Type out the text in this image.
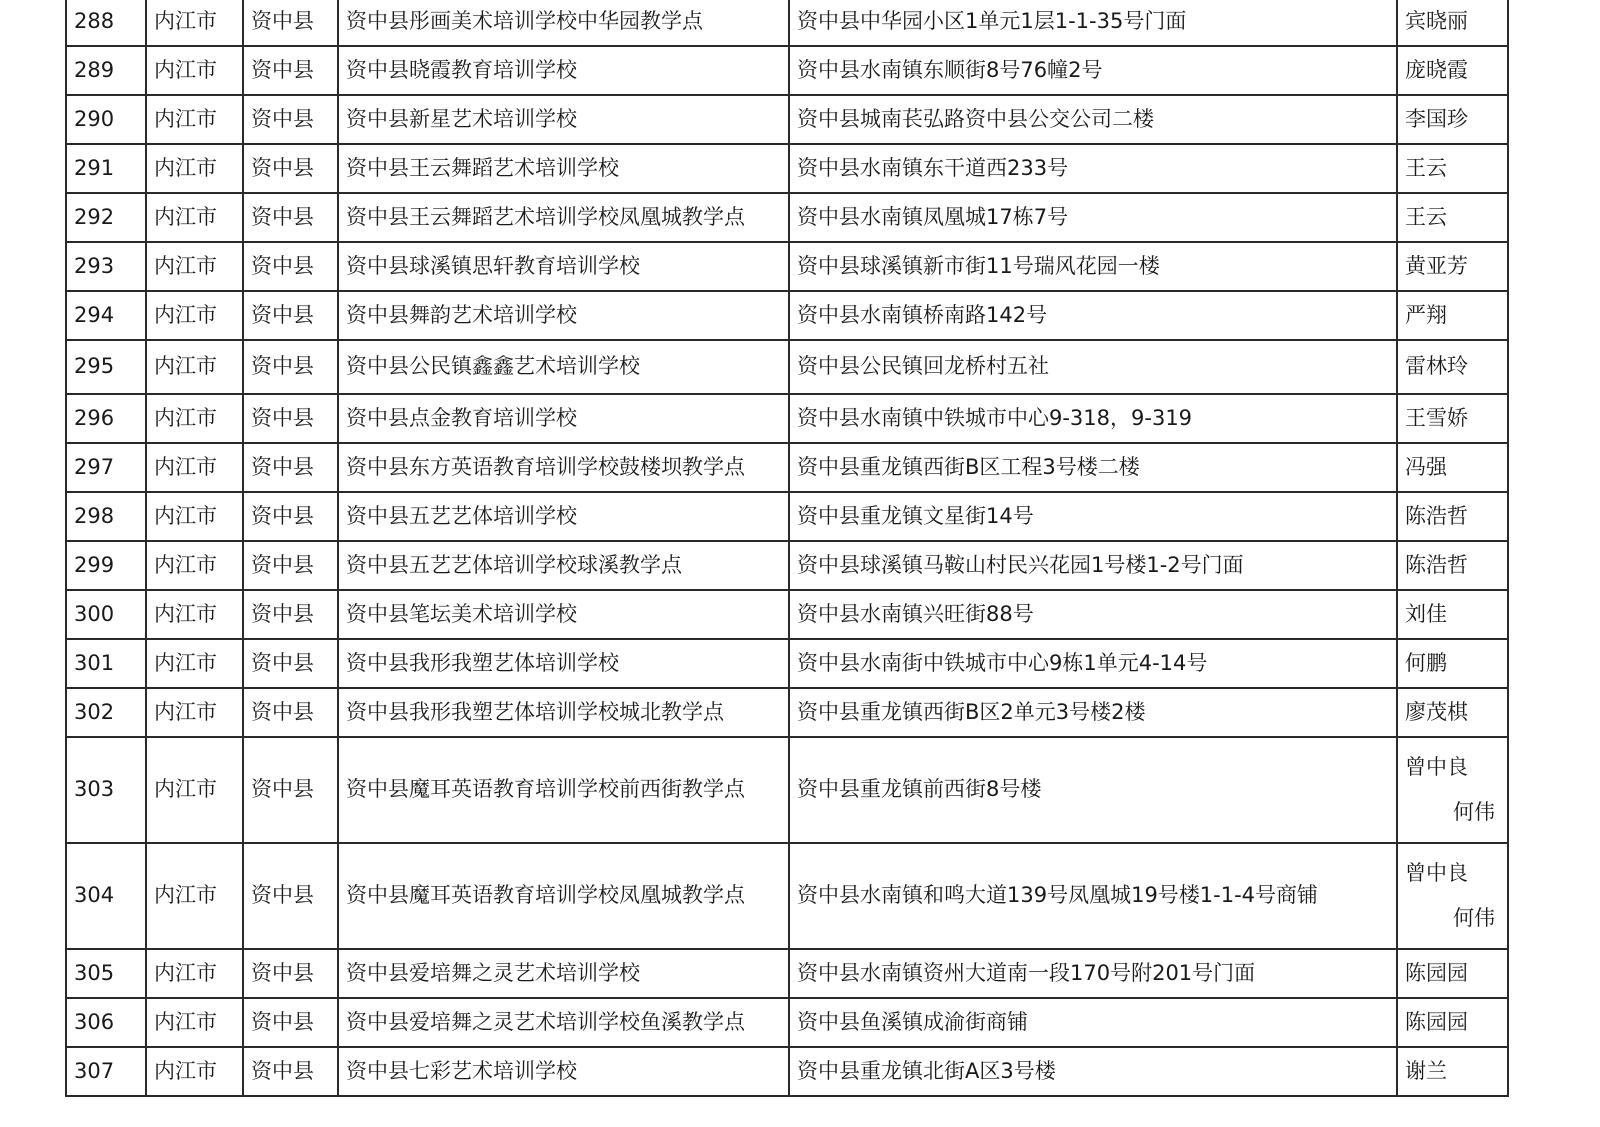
288	内江市	资中县	资中县彤画美术培训学校中华园教学点	资中县中华园小区1单元1层1-1-35号门面	宾晓丽

289	内江市	资中县	资中县晓霞教育培训学校	资中县水南镇东顺街8号76幢2号	庞晓霞

290	内江市	资中县	资中县新星艺术培训学校	资中县城南苌弘路资中县公交公司二楼	李国珍

291	内江市	资中县	资中县王云舞蹈艺术培训学校	资中县水南镇东干道西233号	王云

292	内江市	资中县	资中县王云舞蹈艺术培训学校凤凰城教学点	资中县水南镇凤凰城17栋7号	王云

293	内江市	资中县	资中县球溪镇思轩教育培训学校	资中县球溪镇新市街11号瑞风花园一楼	黄亚芳

294	内江市	资中县	资中县舞韵艺术培训学校	资中县水南镇桥南路142号	严翔

295	内江市	资中县	资中县公民镇鑫鑫艺术培训学校	资中县公民镇回龙桥村五社	雷林玲

296	内江市	资中县	资中县点金教育培训学校	资中县水南镇中铁城市中心9-318，9-319	王雪娇

297	内江市	资中县	资中县东方英语教育培训学校鼓楼坝教学点	资中县重龙镇西街B区工程3号楼二楼	冯强

298	内江市	资中县	资中县五艺艺体培训学校	资中县重龙镇文星街14号	陈浩哲

299	内江市	资中县	资中县五艺艺体培训学校球溪教学点	资中县球溪镇马鞍山村民兴花园1号楼1-2号门面	陈浩哲

300	内江市	资中县	资中县笔坛美术培训学校	资中县水南镇兴旺街88号	刘佳

301	内江市	资中县	资中县我形我塑艺体培训学校	资中县水南街中铁城市中心9栋1单元4-14号	何鹏

302	内江市	资中县	资中县我形我塑艺体培训学校城北教学点	资中县重龙镇西街B区2单元3号楼2楼	廖茂棋

303	内江市	资中县	资中县魔耳英语教育培训学校前西街教学点	资中县重龙镇前西街8号楼	曾中良
何伟

304	内江市	资中县	资中县魔耳英语教育培训学校凤凰城教学点	资中县水南镇和鸣大道139号凤凰城19号楼1-1-4号商铺	曾中良
何伟

305	内江市	资中县	资中县爱培舞之灵艺术培训学校	资中县水南镇资州大道南一段170号附201号门面	陈园园

306	内江市	资中县	资中县爱培舞之灵艺术培训学校鱼溪教学点	资中县鱼溪镇成渝街商铺	陈园园

307	内江市	资中县	资中县七彩艺术培训学校	资中县重龙镇北街A区3号楼	谢兰
